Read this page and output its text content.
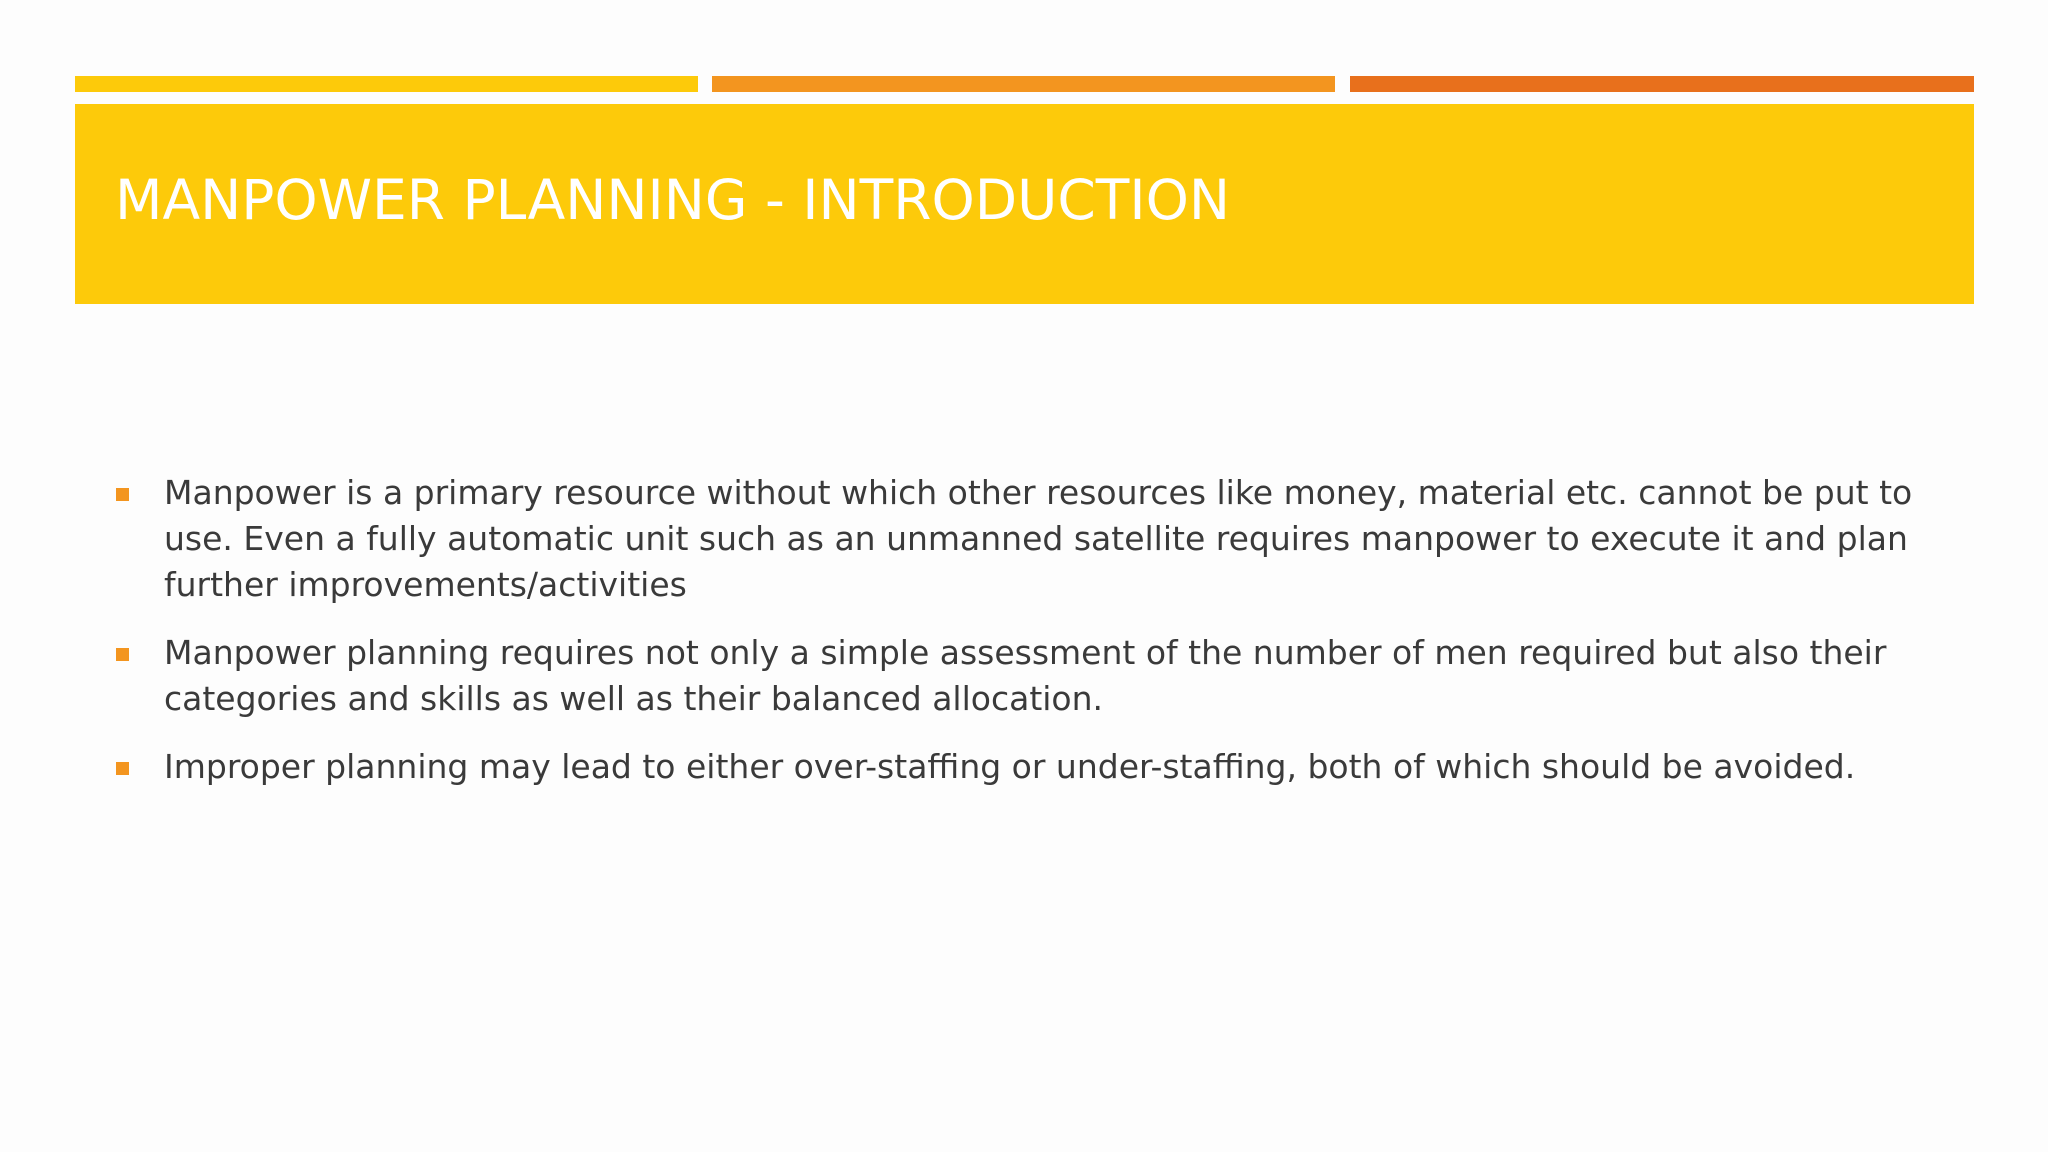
MANPOWER PLANNING - INTRODUCTION
Manpower is a primary resource without which other resources like money, material etc. cannot be put to use. Even a fully automatic unit such as an unmanned satellite requires manpower to execute it and plan further improvements/activities
Manpower planning requires not only a simple assessment of the number of men required but also their categories and skills as well as their balanced allocation.
Improper planning may lead to either over-staffing or under-staffing, both of which should be avoided.
